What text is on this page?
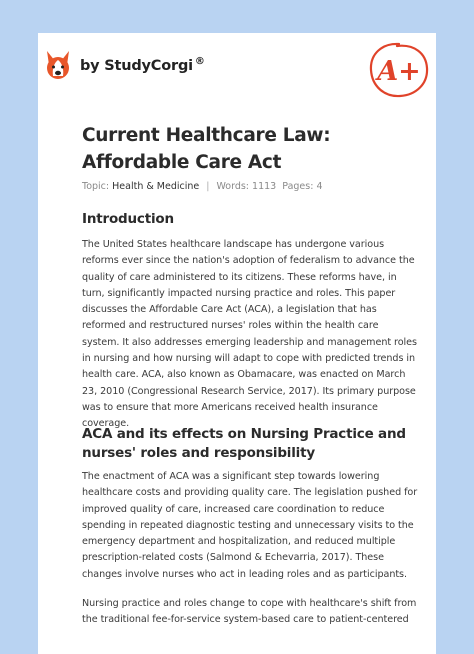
by StudyCorgi ®	A+
Current Healthcare Law: Affordable Care Act
Topic: Health & Medicine | Words: 1113 Pages: 4
Introduction

The United States healthcare landscape has undergone various reforms ever since the nation's adoption of federalism to advance the quality of care administered to its citizens. These reforms have, in turn, significantly impacted nursing practice and roles. This paper discusses the Affordable Care Act (ACA), a legislation that has reformed and restructured nurses' roles within the health care system. It also addresses emerging leadership and management roles in nursing and how nursing will adapt to cope with predicted trends in health care. ACA, also known as Obamacare, was enacted on March 23, 2010 (Congressional Research Service, 2017). Its primary purpose was to ensure that more Americans received health insurance coverage.

ACA and its effects on Nursing Practice and nurses' roles and responsibility

The enactment of ACA was a significant step towards lowering healthcare costs and providing quality care. The legislation pushed for improved quality of care, increased care coordination to reduce spending in repeated diagnostic testing and unnecessary visits to the emergency department and hospitalization, and reduced multiple prescription-related costs (Salmond & Echevarria, 2017). These changes involve nurses who act in leading roles and as participants.

Nursing practice and roles change to cope with healthcare's shift from the traditional fee-for-service system-based care to patient-centered
